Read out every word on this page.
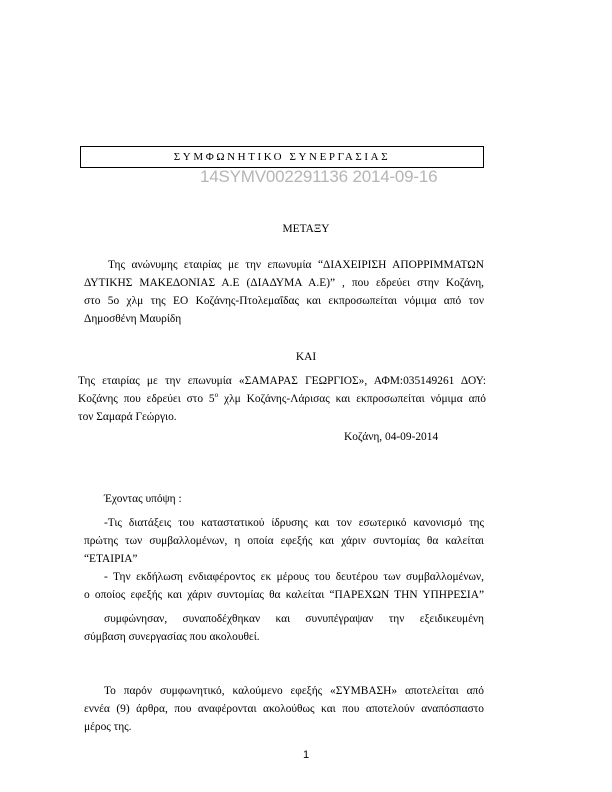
ΣΥΜΦΩΝΗΤΙΚΟ ΣΥΝΕΡΓΑΣΙΑΣ
14SYMV002291136 2014-09-16
ΜΕΤΑΞΥ
Της ανώνυμης εταιρίας με την επωνυμία “ΔΙΑΧΕΙΡΙΣΗ ΑΠΟΡΡΙΜΜΑΤΩΝ
ΔΥΤΙΚΗΣ ΜΑΚΕΔΟΝΙΑΣ Α.Ε (ΔΙΑΔΥΜΑ Α.Ε)” , που εδρεύει στην Κοζάνη,
στο 5ο χλμ της ΕΟ Κοζάνης-Πτολεμαΐδας και εκπροσωπείται νόμιμα από τον
Δημοσθένη Μαυρίδη
ΚΑΙ
Της εταιρίας με την επωνυμία «ΣΑΜΑΡΑΣ ΓΕΩΡΓΙΟΣ», ΑΦΜ:035149261 ΔΟΥ:
Κοζάνης που εδρεύει στο $5^o$ χλμ Κοζάνης-Λάρισας και εκπροσωπείται νόμιμα από
τον Σαμαρά Γεώργιο.
Κοζάνη, 04-09-2014
Έχοντας υπόψη :
-Τις διατάξεις του καταστατικού ίδρυσης και τον εσωτερικό κανονισμό της
πρώτης των συμβαλλομένων, η οποία εφεξής και χάριν συντομίας θα καλείται
“ΕΤΑΙΡΙΑ”
- Την εκδήλωση ενδιαφέροντος εκ μέρους του δευτέρου των συμβαλλομένων,
ο οποίος εφεξής και χάριν συντομίας θα καλείται “ΠΑΡΕΧΩΝ ΤΗΝ ΥΠΗΡΕΣΙΑ”
συμφώνησαν, συναποδέχθηκαν και συνυπέγραψαν την εξειδικευμένη
σύμβαση συνεργασίας που ακολουθεί.
Το παρόν συμφωνητικό, καλούμενο εφεξής «ΣΥΜΒΑΣΗ» αποτελείται από
εννέα (9) άρθρα, που αναφέρονται ακολούθως και που αποτελούν αναπόσπαστο
μέρος της.
1
